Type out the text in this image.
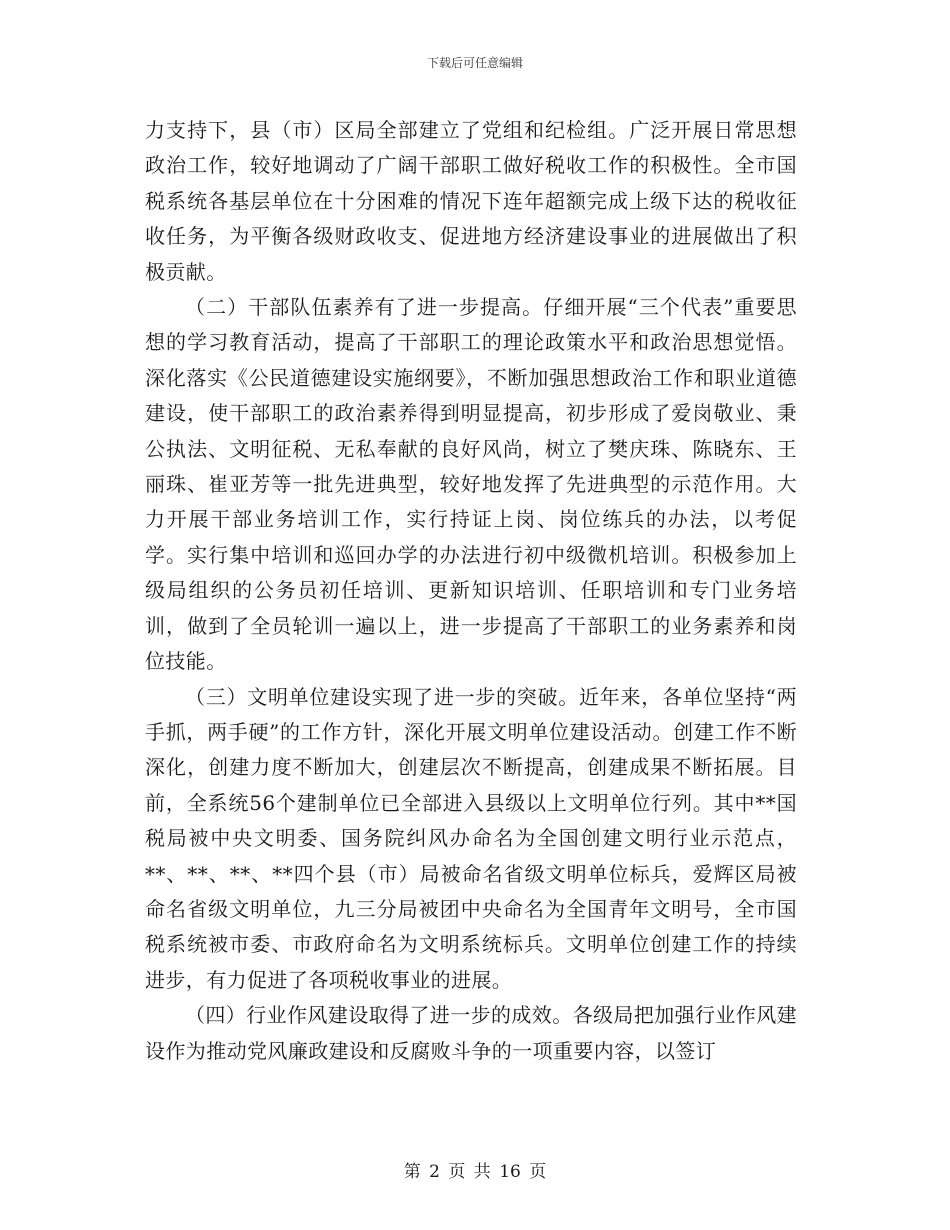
下载后可任意编辑

力支持下，县（市）区局全部建立了党组和纪检组。广泛开展日常思想政治工作，较好地调动了广阔干部职工做好税收工作的积极性。全市国税系统各基层单位在十分困难的情况下连年超额完成上级下达的税收征收任务，为平衡各级财政收支、促进地方经济建设事业的进展做出了积极贡献。

（二）干部队伍素养有了进一步提高。仔细开展“三个代表”重要思想的学习教育活动，提高了干部职工的理论政策水平和政治思想觉悟。深化落实《公民道德建设实施纲要》，不断加强思想政治工作和职业道德建设，使干部职工的政治素养得到明显提高，初步形成了爱岗敬业、秉公执法、文明征税、无私奉献的良好风尚，树立了樊庆珠、陈晓东、王丽珠、崔亚芳等一批先进典型，较好地发挥了先进典型的示范作用。大力开展干部业务培训工作，实行持证上岗、岗位练兵的办法，以考促学。实行集中培训和巡回办学的办法进行初中级微机培训。积极参加上级局组织的公务员初任培训、更新知识培训、任职培训和专门业务培训，做到了全员轮训一遍以上，进一步提高了干部职工的业务素养和岗位技能。

（三）文明单位建设实现了进一步的突破。近年来，各单位坚持“两手抓，两手硬”的工作方针，深化开展文明单位建设活动。创建工作不断深化，创建力度不断加大，创建层次不断提高，创建成果不断拓展。目前，全系统56个建制单位已全部进入县级以上文明单位行列。其中**国税局被中央文明委、国务院纠风办命名为全国创建文明行业示范点，**、**、**、**四个县（市）局被命名省级文明单位标兵，爱辉区局被命名省级文明单位，九三分局被团中央命名为全国青年文明号，全市国税系统被市委、市政府命名为文明系统标兵。文明单位创建工作的持续进步，有力促进了各项税收事业的进展。

（四）行业作风建设取得了进一步的成效。各级局把加强行业作风建设作为推动党风廉政建设和反腐败斗争的一项重要内容，以签订

第 2 页 共 16 页
